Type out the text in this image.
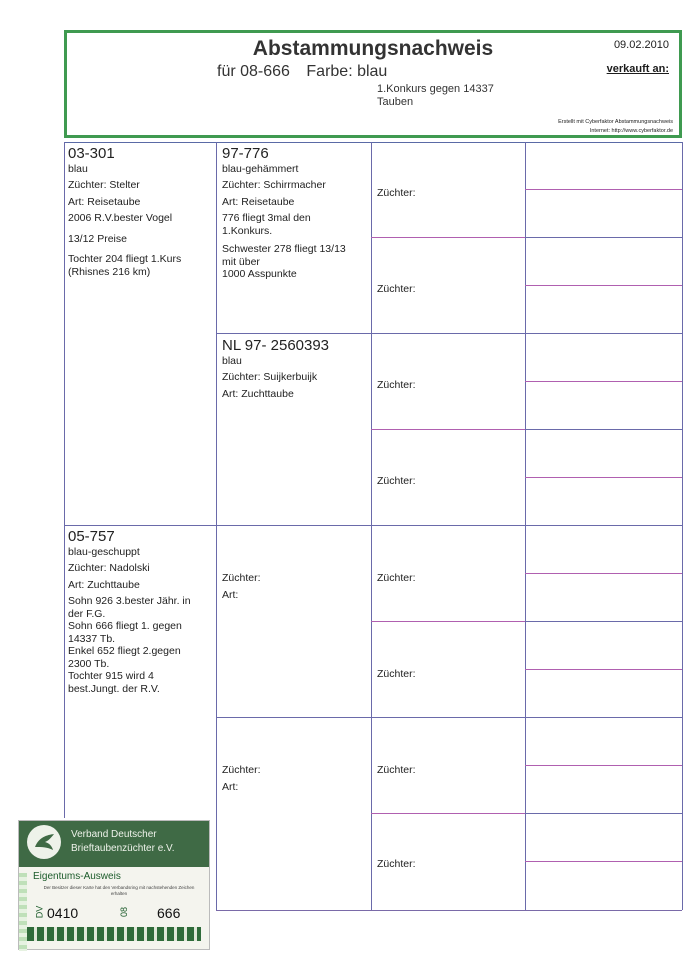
Abstammungsnachweis
für 08-666 Farbe: blau
1.Konkurs gegen 14337
Tauben
09.02.2010
verkauft an:
Erstellt mit Cyberfaktor Abstammungsnachweis
Internet: http://www.cyberfaktor.de
03-301
blau
Züchter: Stelter
Art: Reisetaube
2006 R.V.bester Vogel
13/12 Preise
Tochter 204 fliegt 1.Kurs
(Rhisnes 216 km)
97-776
blau-gehämmert
Züchter: Schirrmacher
Art: Reisetaube
776 fliegt 3mal den
1.Konkurs.
Schwester 278 fliegt 13/13
mit über
1000 Asspunkte
NL 97- 2560393
blau
Züchter: Suijkerbuijk
Art: Zuchttaube
05-757
blau-geschuppt
Züchter: Nadolski
Art: Zuchttaube
Sohn 926 3.bester Jähr. in
der F.G.
Sohn 666 fliegt 1. gegen
14337 Tb.
Enkel 652 fliegt 2.gegen
2300 Tb.
Tochter 915 wird 4
best.Jungt. der R.V.
Züchter:
Art:
Züchter:
Art:
Züchter:
Züchter:
Züchter:
Züchter:
Züchter:
Züchter:
Züchter:
Züchter:
Verband Deutscher
Brieftaubenzüchter e.V.
Eigentums-Ausweis
Der Besitzer dieser Karte hat den Verbandsring mit nachstehenden Zeichen erhalten
DV 0410	08 666
